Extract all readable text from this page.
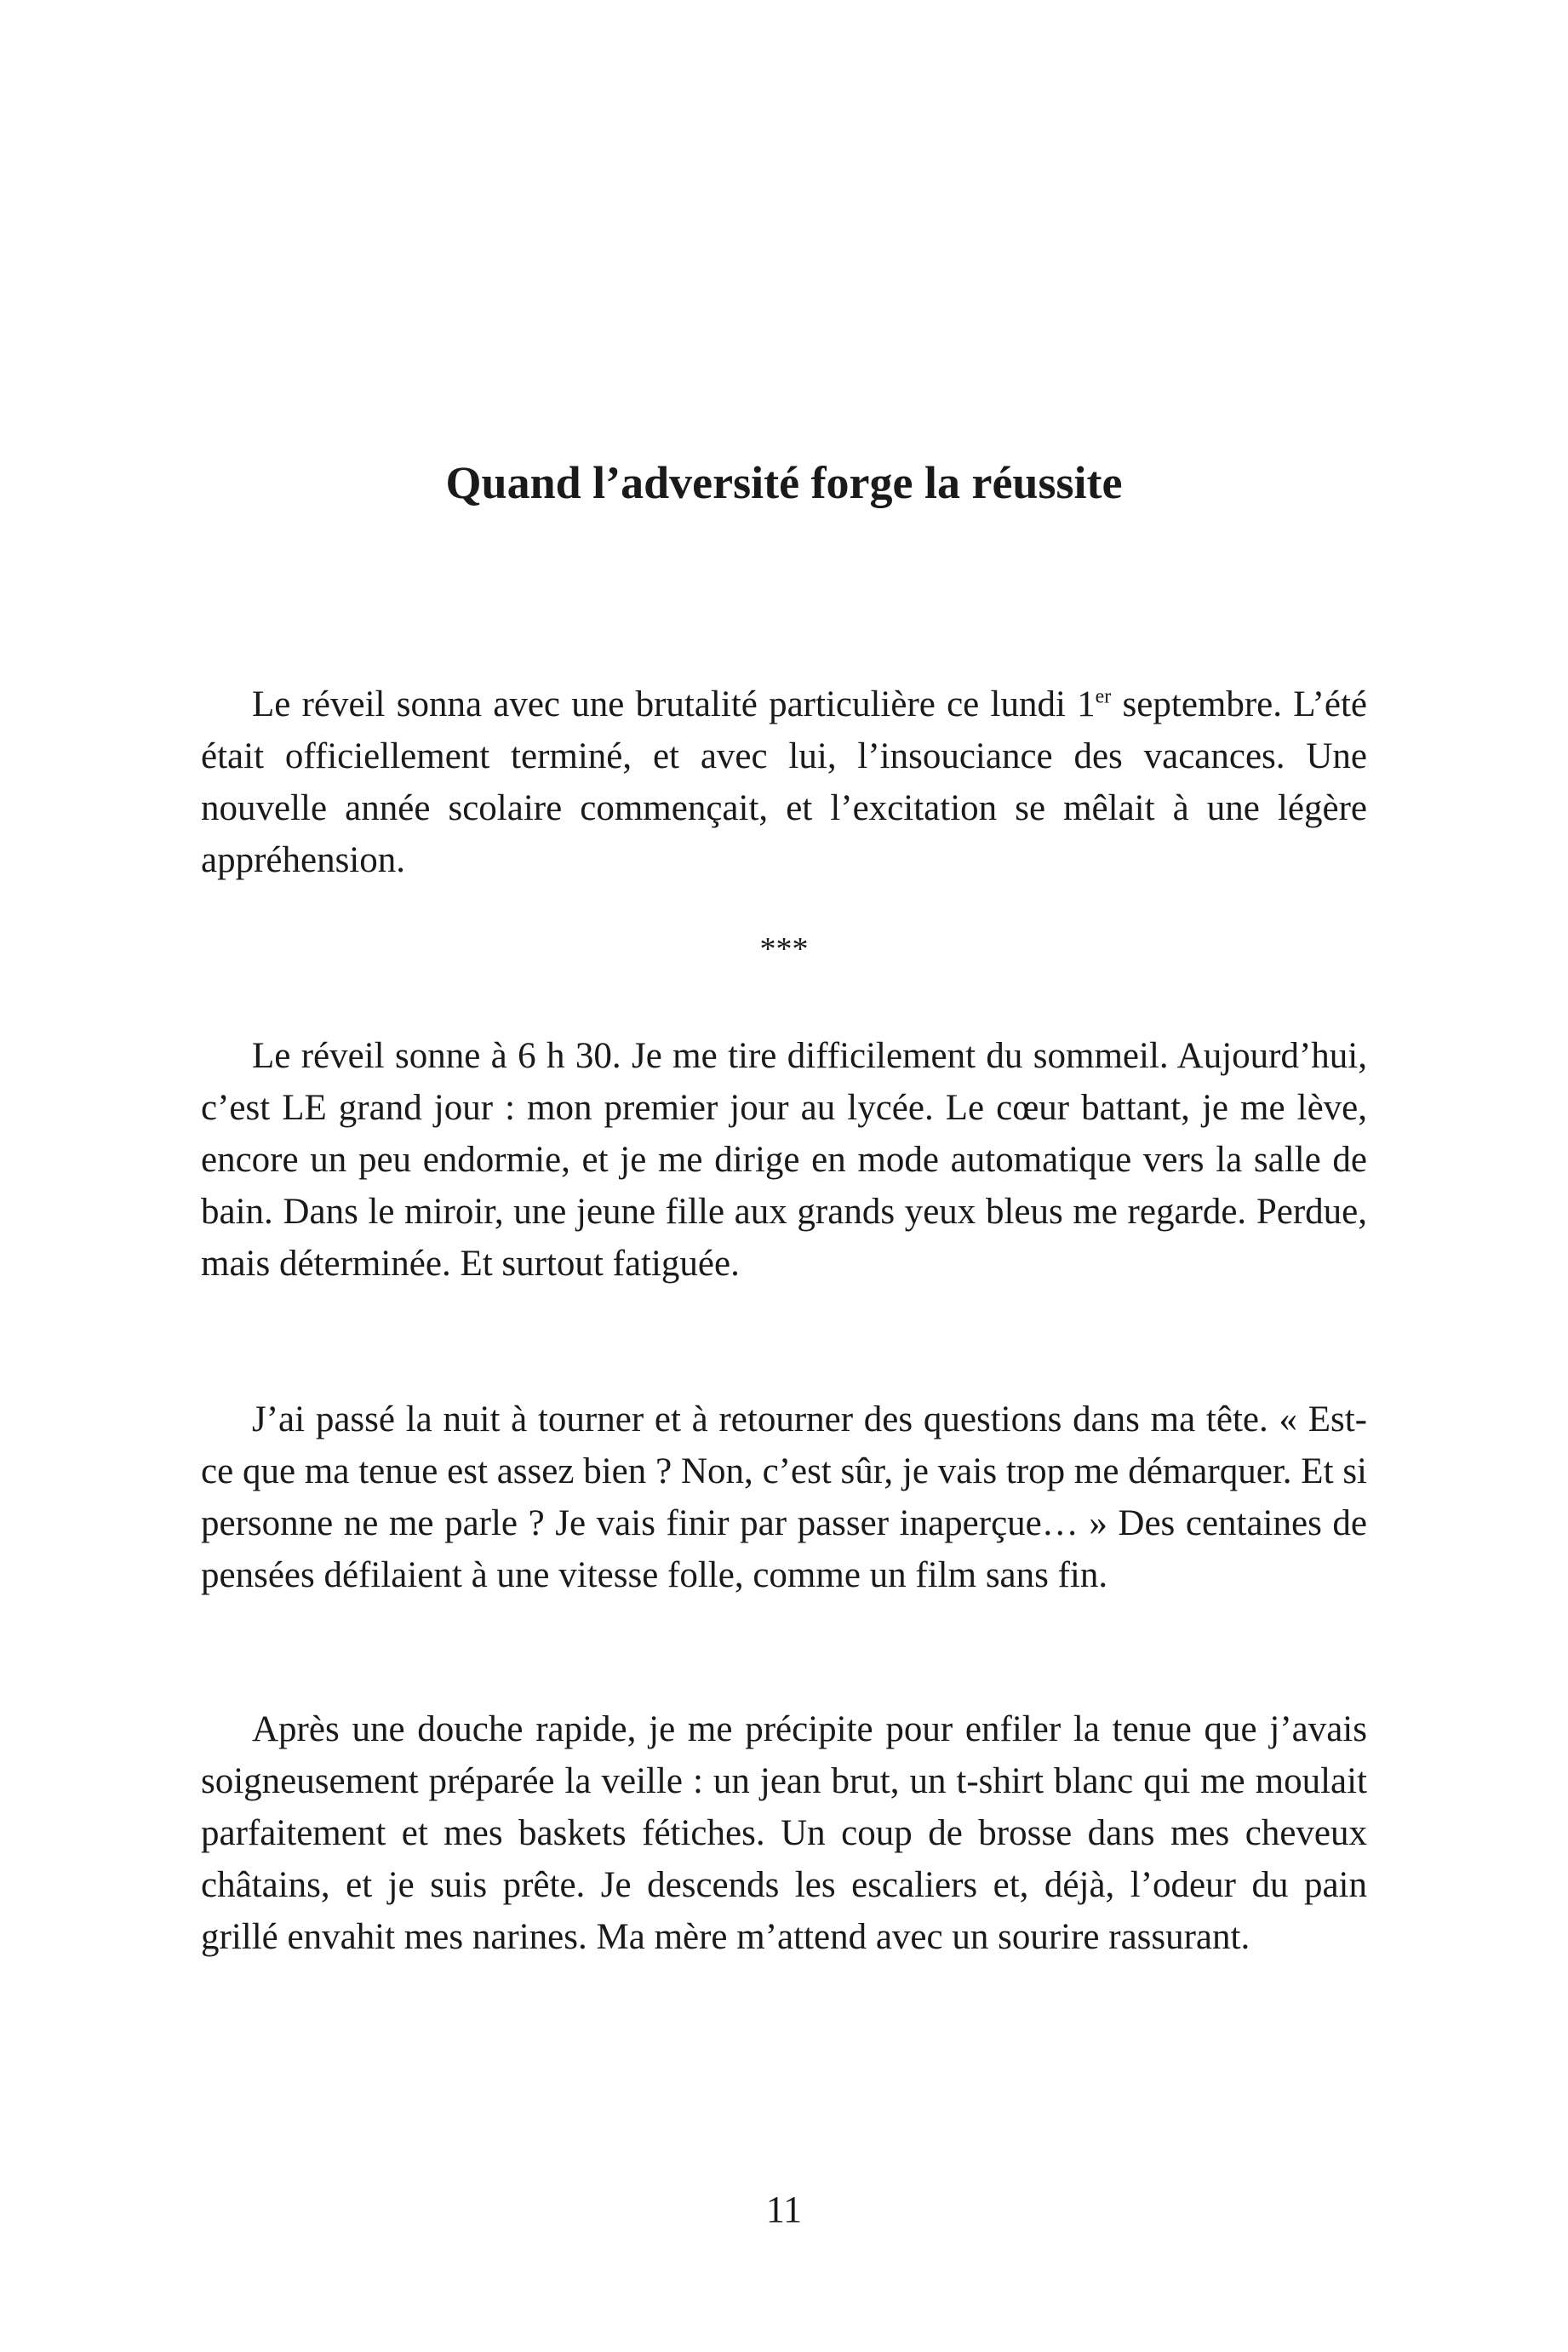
Quand l’adversité forge la réussite

Le réveil sonna avec une brutalité particulière ce lundi 1er septembre. L’été était officiellement terminé, et avec lui, l’insouciance des vacances. Une nouvelle année scolaire commençait, et l’excitation se mêlait à une légère appréhension.

***

Le réveil sonne à 6 h 30. Je me tire difficilement du sommeil. Aujourd’hui, c’est LE grand jour : mon premier jour au lycée. Le cœur battant, je me lève, encore un peu endormie, et je me dirige en mode automatique vers la salle de bain. Dans le miroir, une jeune fille aux grands yeux bleus me regarde. Perdue, mais déterminée. Et surtout fatiguée.

J’ai passé la nuit à tourner et à retourner des questions dans ma tête. « Est-ce que ma tenue est assez bien ? Non, c’est sûr, je vais trop me démarquer. Et si personne ne me parle ? Je vais finir par passer inaperçue… » Des centaines de pensées défilaient à une vitesse folle, comme un film sans fin.

Après une douche rapide, je me précipite pour enfiler la tenue que j’avais soigneusement préparée la veille : un jean brut, un t-shirt blanc qui me moulait parfaitement et mes baskets fétiches. Un coup de brosse dans mes cheveux châtains, et je suis prête. Je descends les escaliers et, déjà, l’odeur du pain grillé envahit mes narines. Ma mère m’attend avec un sourire rassurant.

11
